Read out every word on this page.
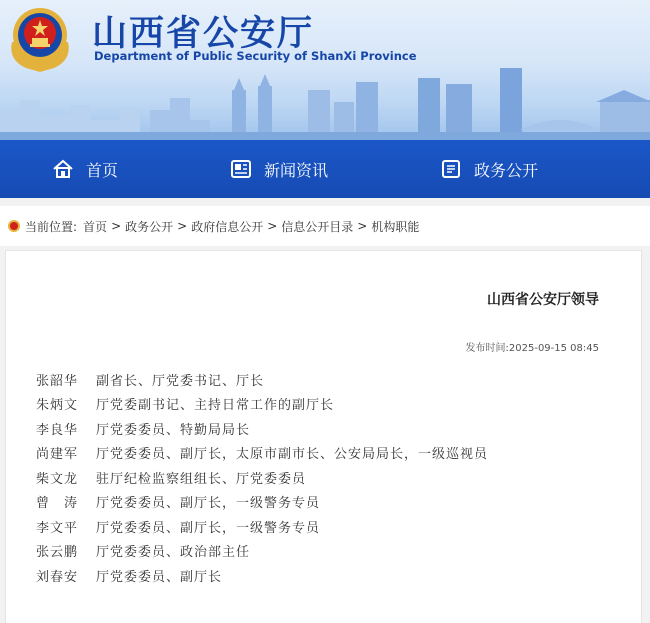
山西省公安厅
Department of Public Security of ShanXi Province
首页	新闻资讯	政务公开
当前位置: 首页 > 政务公开 > 政府信息公开 > 信息公开目录 > 机构职能
山西省公安厅领导
发布时间:2025-09-15 08:45
张韶华	副省长、厅党委书记、厅长
朱炳文	厅党委副书记、主持日常工作的副厅长
李良华	厅党委委员、特勤局局长
尚建军	厅党委委员、副厅长，太原市副市长、公安局局长，一级巡视员
柴文龙	驻厅纪检监察组组长、厅党委委员
曾　涛	厅党委委员、副厅长，一级警务专员
李文平	厅党委委员、副厅长，一级警务专员
张云鹏	厅党委委员、政治部主任
刘春安	厅党委委员、副厅长
